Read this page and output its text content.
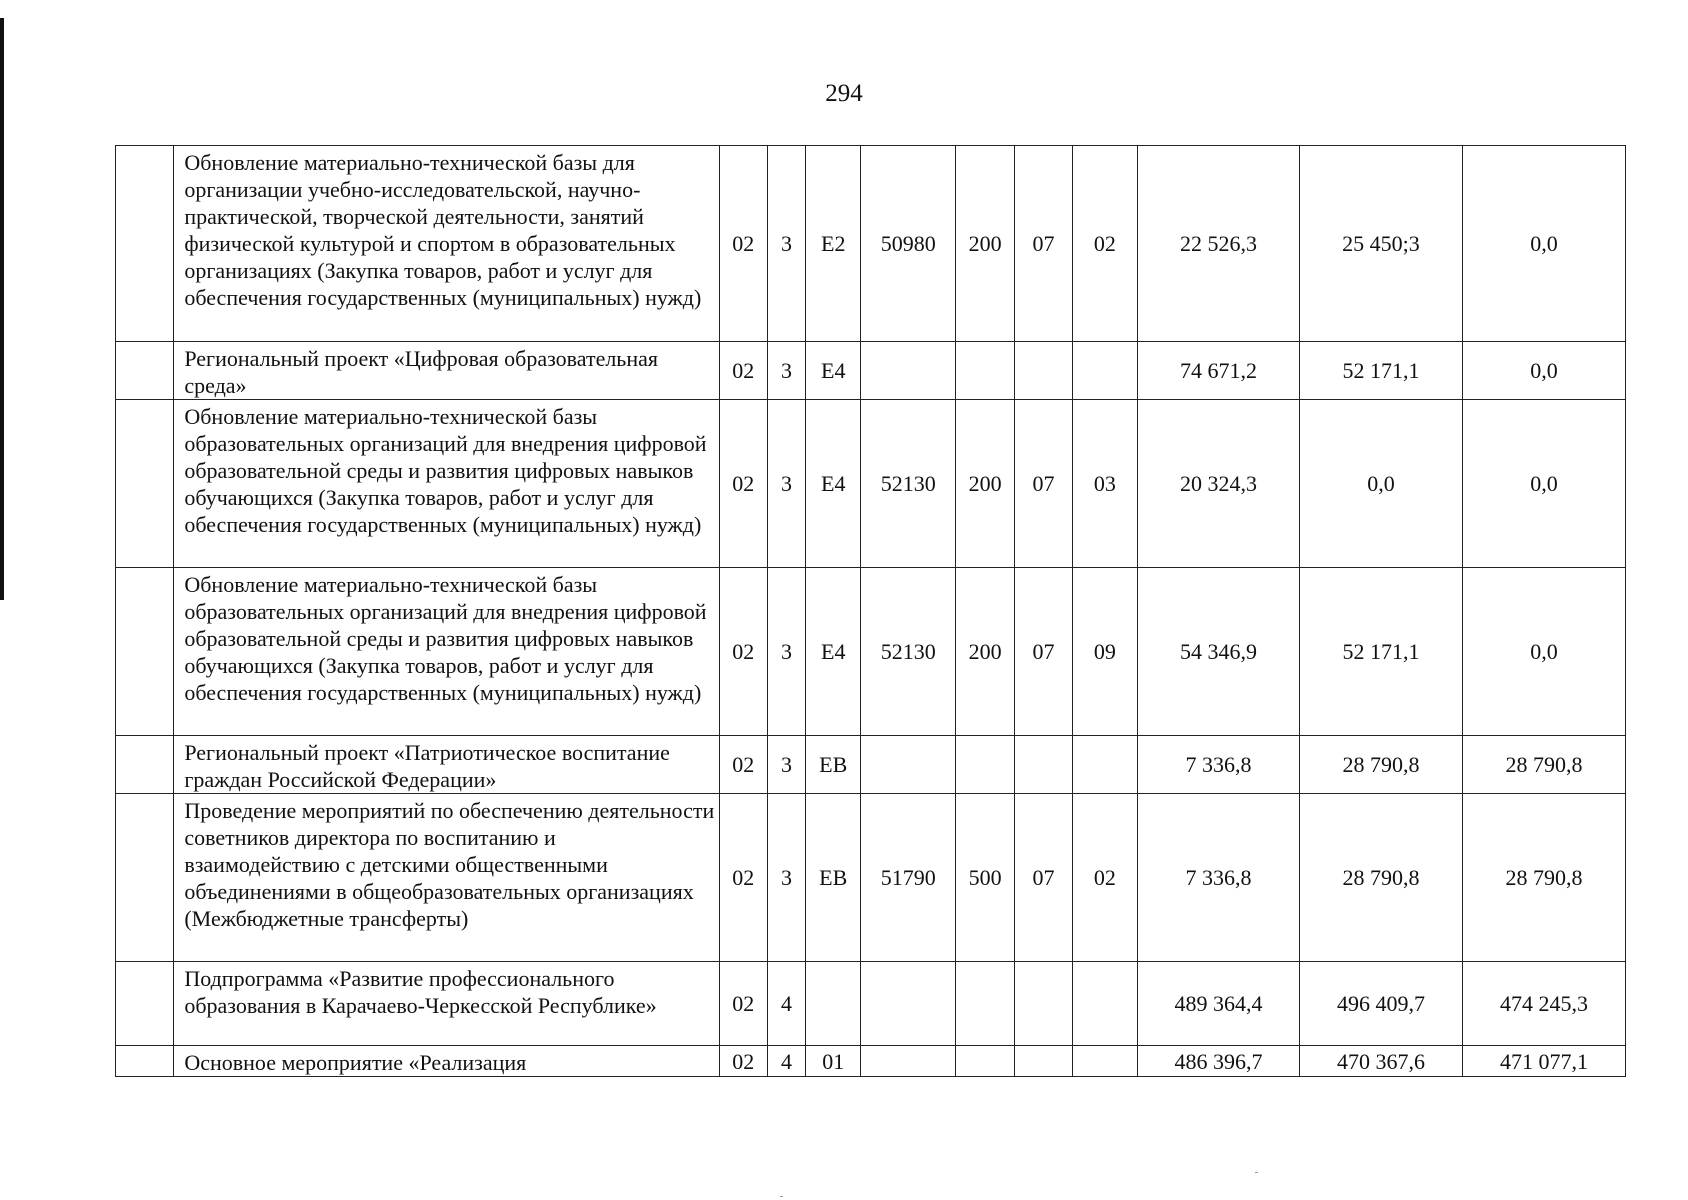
294
	Обновление материально-технической базы для организации учебно-исследовательской, научно-практической, творческой деятельности, занятий физической культурой и спортом в образовательных организациях (Закупка товаров, работ и услуг для обеспечения государственных (муниципальных) нужд)	02	3	E2	50980	200	07	02	22 526,3	25 450;3	0,0
	Региональный проект «Цифровая образовательная среда»	02	3	E4					74 671,2	52 171,1	0,0
	Обновление материально-технической базы образовательных организаций для внедрения цифровой образовательной среды и развития цифровых навыков обучающихся (Закупка товаров, работ и услуг для обеспечения государственных (муниципальных) нужд)	02	3	E4	52130	200	07	03	20 324,3	0,0	0,0
	Обновление материально-технической базы образовательных организаций для внедрения цифровой образовательной среды и развития цифровых навыков обучающихся (Закупка товаров, работ и услуг для обеспечения государственных (муниципальных) нужд)	02	3	E4	52130	200	07	09	54 346,9	52 171,1	0,0
	Региональный проект «Патриотическое воспитание граждан Российской Федерации»	02	3	EB					7 336,8	28 790,8	28 790,8
	Проведение мероприятий по обеспечению деятельности советников директора по воспитанию и взаимодействию с детскими общественными объединениями в общеобразовательных организациях (Межбюджетные трансферты)	02	3	EB	51790	500	07	02	7 336,8	28 790,8	28 790,8
	Подпрограмма «Развитие профессионального образования в Карачаево-Черкесской Республике»	02	4						489 364,4	496 409,7	474 245,3
	Основное мероприятие «Реализация	02	4	01					486 396,7	470 367,6	471 077,1
